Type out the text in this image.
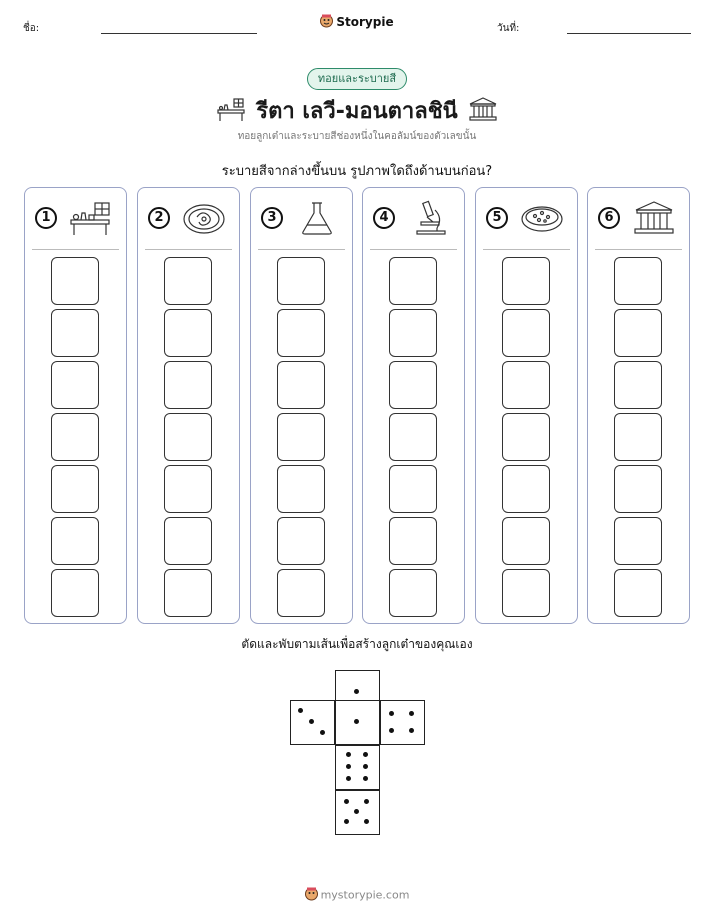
ชื่อ:	Storypie	วันที่:
ทอยและระบายสี
รีตา เลวี-มอนตาลชินี
ทอยลูกเต๋าและระบายสีช่องหนึ่งในคอลัมน์ของตัวเลขนั้น
ระบายสีจากล่างขึ้นบน รูปภาพใดถึงด้านบนก่อน?
1	2	3	4	5	6
ตัดและพับตามเส้นเพื่อสร้างลูกเต๋าของคุณเอง
mystorypie.com
